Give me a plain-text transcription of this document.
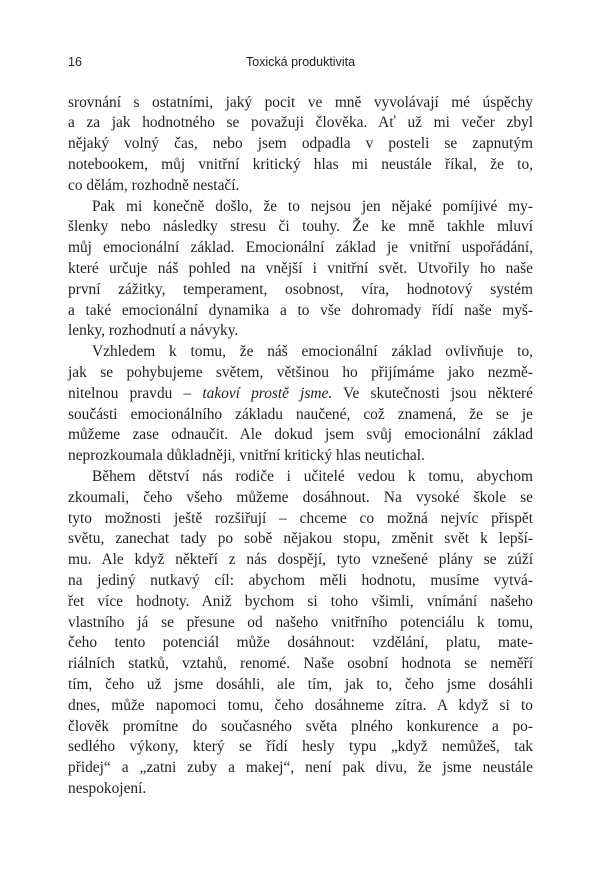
16	Toxická produktivita
srovnání s ostatními, jaký pocit ve mně vyvolávají mé úspěchy
a za jak hodnotného se považuji člověka. Ať už mi večer zbyl
nějaký volný čas, nebo jsem odpadla v posteli se zapnutým
notebookem, můj vnitřní kritický hlas mi neustále říkal, že to,
co dělám, rozhodně nestačí.
Pak mi konečně došlo, že to nejsou jen nějaké pomíjivé my-
šlenky nebo následky stresu či touhy. Že ke mně takhle mluví
můj emocionální základ. Emocionální základ je vnitřní uspořádání,
které určuje náš pohled na vnější i vnitřní svět. Utvořily ho naše
první zážitky, temperament, osobnost, víra, hodnotový systém
a také emocionální dynamika a to vše dohromady řídí naše myš-
lenky, rozhodnutí a návyky.
Vzhledem k tomu, že náš emocionální základ ovlivňuje to,
jak se pohybujeme světem, většinou ho přijímáme jako nezmě-
nitelnou pravdu – takoví prostě jsme. Ve skutečnosti jsou některé
součásti emocionálního základu naučené, což znamená, že se je
můžeme zase odnaučit. Ale dokud jsem svůj emocionální základ
neprozkoumala důkladněji, vnitřní kritický hlas neutichal.
Během dětství nás rodiče i učitelé vedou k tomu, abychom
zkoumali, čeho všeho můžeme dosáhnout. Na vysoké škole se
tyto možnosti ještě rozšiřují – chceme co možná nejvíc přispět
světu, zanechat tady po sobě nějakou stopu, změnit svět k lepší-
mu. Ale když někteří z nás dospějí, tyto vznešené plány se zúží
na jediný nutkavý cíl: abychom měli hodnotu, musíme vytvá-
řet více hodnoty. Aniž bychom si toho všimli, vnímání našeho
vlastního já se přesune od našeho vnitřního potenciálu k tomu,
čeho tento potenciál může dosáhnout: vzdělání, platu, mate-
riálních statků, vztahů, renomé. Naše osobní hodnota se neměří
tím, čeho už jsme dosáhli, ale tím, jak to, čeho jsme dosáhli
dnes, může napomoci tomu, čeho dosáhneme zítra. A když si to
člověk promítne do současného světa plného konkurence a po-
sedlého výkony, který se řídí hesly typu „když nemůžeš, tak
přidej“ a „zatni zuby a makej“, není pak divu, že jsme neustále
nespokojení.
